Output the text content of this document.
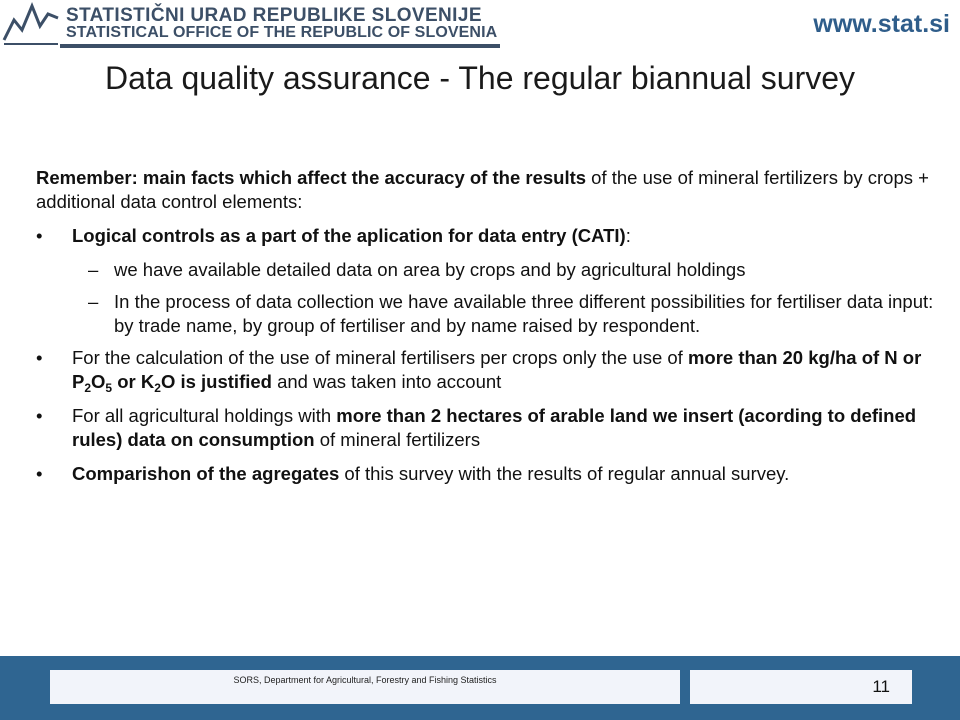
STATISTIČNI URAD REPUBLIKE SLOVENIJE
STATISTICAL OFFICE OF THE REPUBLIC OF SLOVENIA	www.stat.si
Data quality assurance - The regular biannual survey

Remember: main facts which affect the accuracy of the results of the use of mineral fertilizers by crops + additional data control elements:

• Logical controls as a part of the aplication for data entry (CATI):
– we have available detailed data on area by crops and by agricultural holdings
– In the process of data collection we have available three different possibilities for fertiliser data input: by trade name, by group of fertiliser and by name raised by respondent.
• For the calculation of the use of mineral fertilisers per crops only the use of more than 20 kg/ha of N or $P_2O_5$ or $K_2O$ is justified and was taken into account
• For all agricultural holdings with more than 2 hectares of arable land we insert (acording to defined rules) data on consumption of mineral fertilizers
• Comparishon of the agregates of this survey with the results of regular annual survey.
SORS, Department for Agricultural, Forestry and Fishing Statistics	11
